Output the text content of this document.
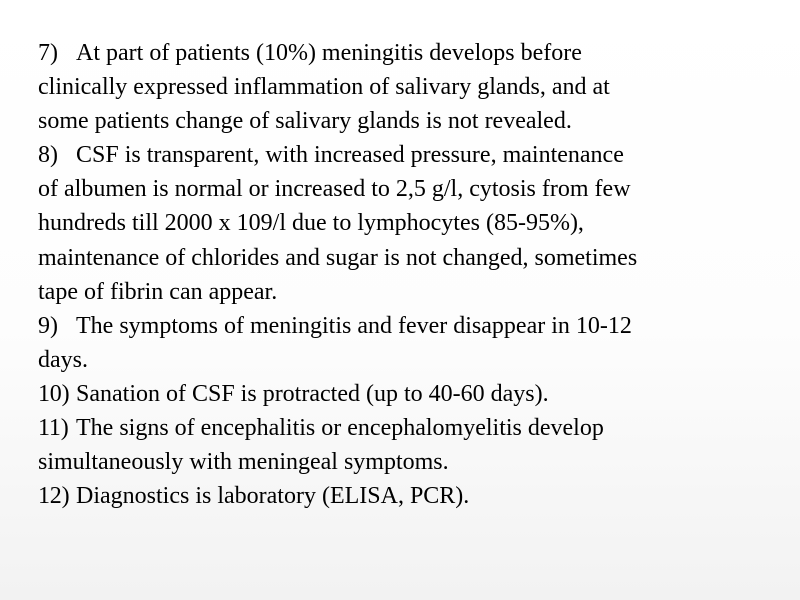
7) At part of patients (10%) meningitis develops before
clinically expressed inflammation of salivary glands, and at
some patients change of salivary glands is not revealed.
8) CSF is transparent, with increased pressure, maintenance
of albumen is normal or increased to 2,5 g/l, cytosis from few
hundreds till 2000 x 109/l due to lymphocytes (85-95%),
maintenance of chlorides and sugar is not changed, sometimes
tape of fibrin can appear.
9) The symptoms of meningitis and fever disappear in 10-12
days.
10) Sanation of CSF is protracted (up to 40-60 days).
11) The signs of encephalitis or encephalomyelitis develop
simultaneously with meningeal symptoms.
12) Diagnostics is laboratory (ELISA, PCR).
